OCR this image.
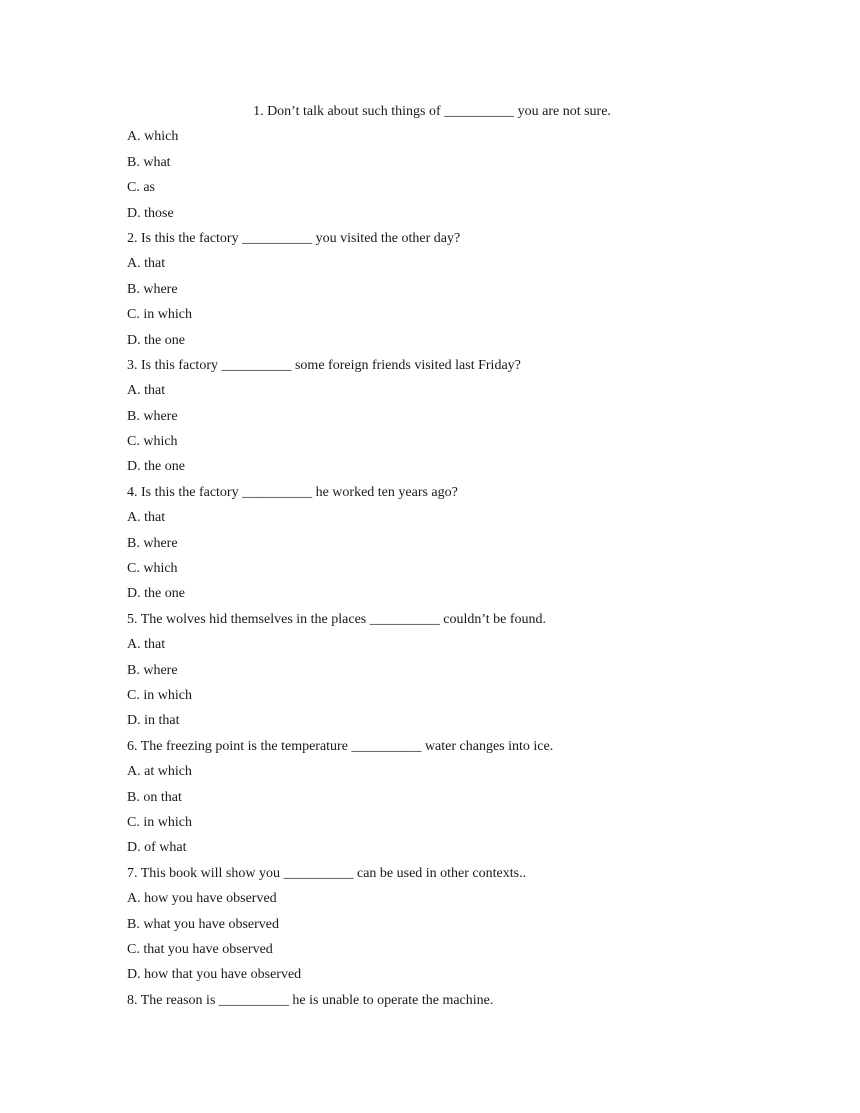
1. Don’t talk about such things of __________ you are not sure.
A. which
B. what
C. as
D. those
2. Is this the factory __________ you visited the other day?
A. that
B. where
C. in which
D. the one
3. Is this factory __________ some foreign friends visited last Friday?
A. that
B. where
C. which
D. the one
4. Is this the factory __________ he worked ten years ago?
A. that
B. where
C. which
D. the one
5. The wolves hid themselves in the places __________ couldn’t be found.
A. that
B. where
C. in which
D. in that
6. The freezing point is the temperature __________ water changes into ice.
A. at which
B. on that
C. in which
D. of what
7. This book will show you __________ can be used in other contexts..
A. how you have observed
B. what you have observed
C. that you have observed
D. how that you have observed
8. The reason is __________ he is unable to operate the machine.
